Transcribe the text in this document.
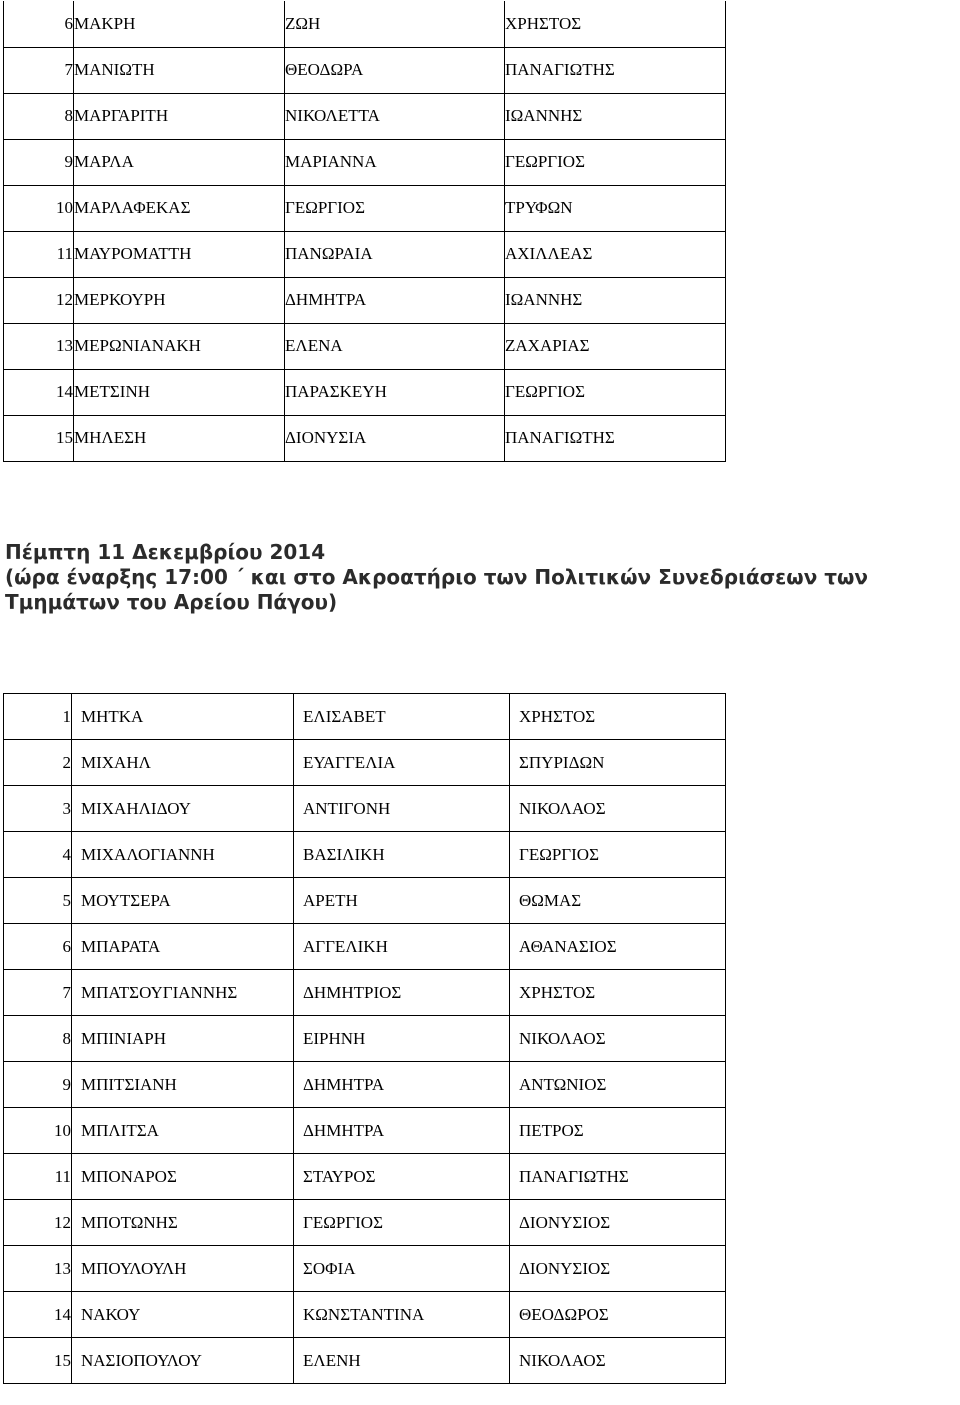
6	ΜΑΚΡΗ	ΖΩΗ	ΧΡΗΣΤΟΣ
7	ΜΑΝΙΩΤΗ	ΘΕΟΔΩΡΑ	ΠΑΝΑΓΙΩΤΗΣ
8	ΜΑΡΓΑΡΙΤΗ	ΝΙΚΟΛΕΤΤΑ	ΙΩΑΝΝΗΣ
9	ΜΑΡΛΑ	ΜΑΡΙΑΝΝΑ	ΓΕΩΡΓΙΟΣ
10	ΜΑΡΛΑΦΕΚΑΣ	ΓΕΩΡΓΙΟΣ	ΤΡΥΦΩΝ
11	ΜΑΥΡΟΜΑΤΤΗ	ΠΑΝΩΡΑΙΑ	ΑΧΙΛΛΕΑΣ
12	ΜΕΡΚΟΥΡΗ	ΔΗΜΗΤΡΑ	ΙΩΑΝΝΗΣ
13	ΜΕΡΩΝΙΑΝΑΚΗ	ΕΛΕΝΑ	ΖΑΧΑΡΙΑΣ
14	ΜΕΤΣΙΝΗ	ΠΑΡΑΣΚΕΥΗ	ΓΕΩΡΓΙΟΣ
15	ΜΗΛΕΣΗ	ΔΙΟΝΥΣΙΑ	ΠΑΝΑΓΙΩΤΗΣ
Πέμπτη 11 Δεκεμβρίου 2014
(ώρα έναρξης 17:00 ΄ και στο Ακροατήριο των Πολιτικών Συνεδριάσεων των
Τμημάτων του Αρείου Πάγου)
1	ΜΗΤΚΑ	ΕΛΙΣΑΒΕΤ	ΧΡΗΣΤΟΣ
2	ΜΙΧΑΗΛ	ΕΥΑΓΓΕΛΙΑ	ΣΠΥΡΙΔΩΝ
3	ΜΙΧΑΗΛΙΔΟΥ	ΑΝΤΙΓΟΝΗ	ΝΙΚΟΛΑΟΣ
4	ΜΙΧΑΛΟΓΙΑΝΝΗ	ΒΑΣΙΛΙΚΗ	ΓΕΩΡΓΙΟΣ
5	ΜΟΥΤΣΕΡΑ	ΑΡΕΤΗ	ΘΩΜΑΣ
6	ΜΠΑΡΑΤΑ	ΑΓΓΕΛΙΚΗ	ΑΘΑΝΑΣΙΟΣ
7	ΜΠΑΤΣΟΥΓΙΑΝΝΗΣ	ΔΗΜΗΤΡΙΟΣ	ΧΡΗΣΤΟΣ
8	ΜΠΙΝΙΑΡΗ	ΕΙΡΗΝΗ	ΝΙΚΟΛΑΟΣ
9	ΜΠΙΤΣΙΑΝΗ	ΔΗΜΗΤΡΑ	ΑΝΤΩΝΙΟΣ
10	ΜΠΛΙΤΣΑ	ΔΗΜΗΤΡΑ	ΠΕΤΡΟΣ
11	ΜΠΟΝΑΡΟΣ	ΣΤΑΥΡΟΣ	ΠΑΝΑΓΙΩΤΗΣ
12	ΜΠΟΤΩΝΗΣ	ΓΕΩΡΓΙΟΣ	ΔΙΟΝΥΣΙΟΣ
13	ΜΠΟΥΛΟΥΛΗ	ΣΟΦΙΑ	ΔΙΟΝΥΣΙΟΣ
14	ΝΑΚΟΥ	ΚΩΝΣΤΑΝΤΙΝΑ	ΘΕΟΔΩΡΟΣ
15	ΝΑΣΙΟΠΟΥΛΟΥ	ΕΛΕΝΗ	ΝΙΚΟΛΑΟΣ
